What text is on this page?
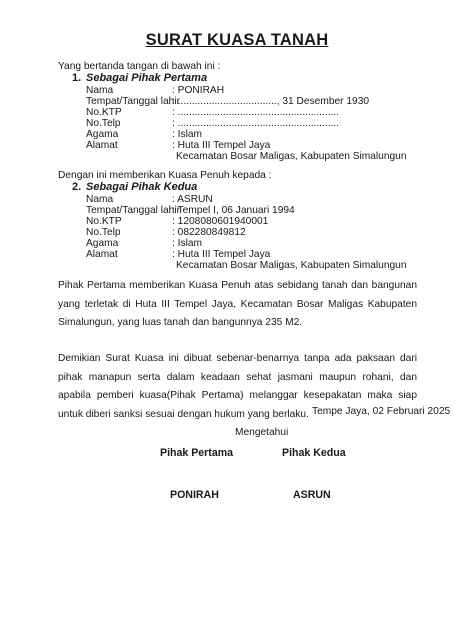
SURAT KUASA TANAH
Yang bertanda tangan di bawah ini :
1. Sebagai Pihak Pertama
Nama	: PONIRAH
Tempat/Tanggal lahir
: ..................................., 31 Desember 1930
No.KTP	: .........................................................
No.Telp	: .........................................................
Agama	: Islam
Alamat	: Huta III Tempel Jaya
Kecamatan Bosar Maligas, Kabupaten Simalungun
Dengan ini memberikan Kuasa Penuh kepada :
2. Sebagai Pihak Kedua
Nama	: ASRUN
Tempat/Tanggal lahir
: Tempel I, 06 Januari 1994
No.KTP	: 1208080601940001
No.Telp	: 082280849812
Agama	: Islam
Alamat	: Huta III Tempel Jaya
Kecamatan Bosar Maligas, Kabupaten Simalungun
Pihak Pertama memberikan Kuasa Penuh atas sebidang tanah dan bangunan yang terletak di Huta III Tempel Jaya, Kecamatan Bosar Maligas Kabupaten Simalungun, yang luas tanah dan bangunnya 235 M2.
Demikian Surat Kuasa ini dibuat sebenar-benarnya tanpa ada paksaan dari pihak manapun serta dalam keadaan sehat jasmani maupun rohani, dan apabila pemberi kuasa(Pihak Pertama) melanggar kesepakatan maka siap untuk diberi sanksi sesuai dengan hukum yang berlaku. Tempe Jaya, 02 Februari 2025
Mengetahui
Pihak Pertama	Pihak Kedua
PONIRAH	ASRUN
